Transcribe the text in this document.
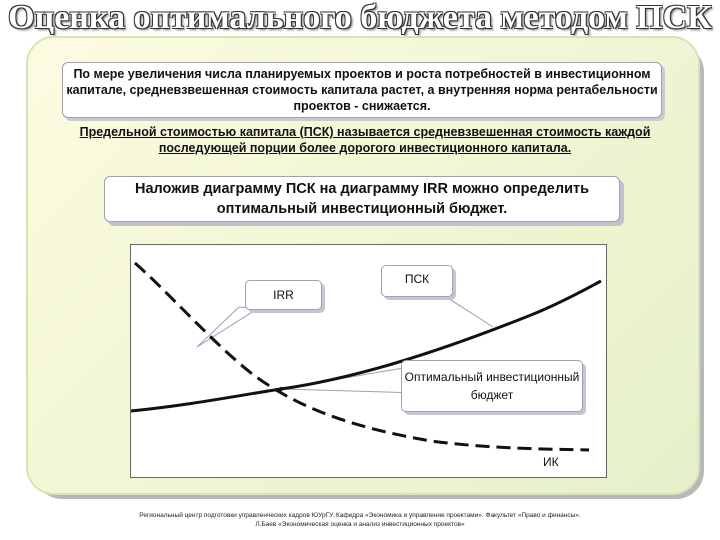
Оценка оптимального бюджета методом ПСК
По мере увеличения числа планируемых проектов и роста потребностей в инвестиционном капитале, средневзвешенная стоимость капитала растет, а внутренняя норма рентабельности проектов - снижается.
Предельной стоимостью капитала (ПСК) называется средневзвешенная стоимость каждой последующей порции более дорогого инвестиционного капитала.
Наложив диаграмму ПСК на диаграмму IRR можно определить оптимальный инвестиционный бюджет.
IRR
ПСК
Оптимальный инвестиционный бюджет
ИК
Региональный центр подготовки управленческих кадров ЮУрГУ. Кафедра «Экономика и управление проектами». Факультет «Право и финансы».
Л.Баев «Экономическая оценка и анализ инвестиционных проектов»
